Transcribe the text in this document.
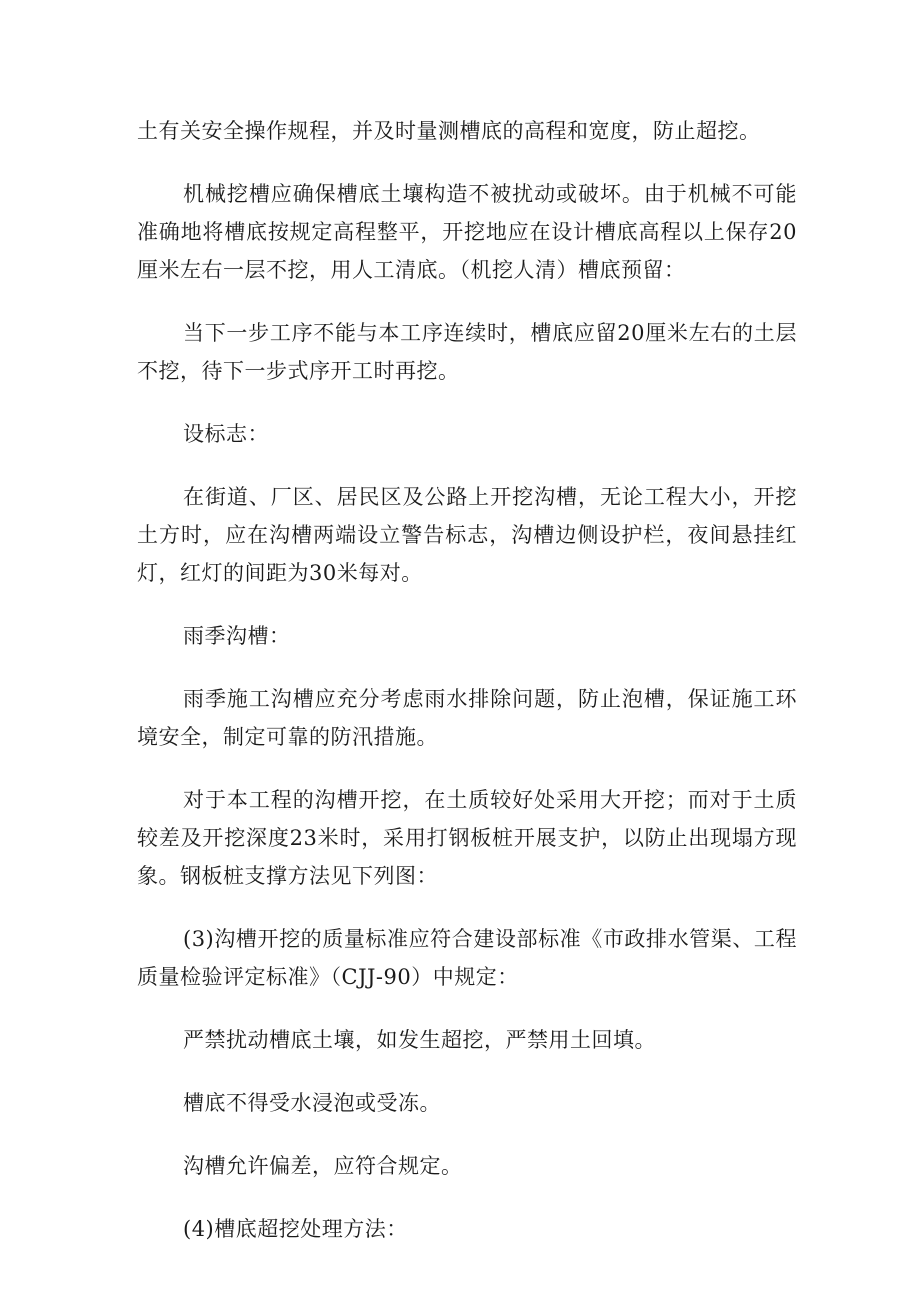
土有关安全操作规程，并及时量测槽底的高程和宽度，防止超挖。

机械挖槽应确保槽底土壤构造不被扰动或破坏。由于机械不可能准确地将槽底按规定高程整平，开挖地应在设计槽底高程以上保存20厘米左右一层不挖，用人工清底。（机挖人清）槽底预留：

当下一步工序不能与本工序连续时，槽底应留20厘米左右的土层不挖，待下一步式序开工时再挖。

设标志：

在街道、厂区、居民区及公路上开挖沟槽，无论工程大小，开挖土方时，应在沟槽两端设立警告标志，沟槽边侧设护栏，夜间悬挂红灯，红灯的间距为30米每对。

雨季沟槽：

雨季施工沟槽应充分考虑雨水排除问题，防止泡槽，保证施工环境安全，制定可靠的防汛措施。

对于本工程的沟槽开挖，在土质较好处采用大开挖；而对于土质较差及开挖深度23米时，采用打钢板桩开展支护，以防止出现塌方现象。钢板桩支撑方法见下列图：

(3)沟槽开挖的质量标准应符合建设部标准《市政排水管渠、工程质量检验评定标准》（CJJ-90）中规定：

严禁扰动槽底土壤，如发生超挖，严禁用土回填。

槽底不得受水浸泡或受冻。

沟槽允许偏差，应符合规定。

(4)槽底超挖处理方法：
